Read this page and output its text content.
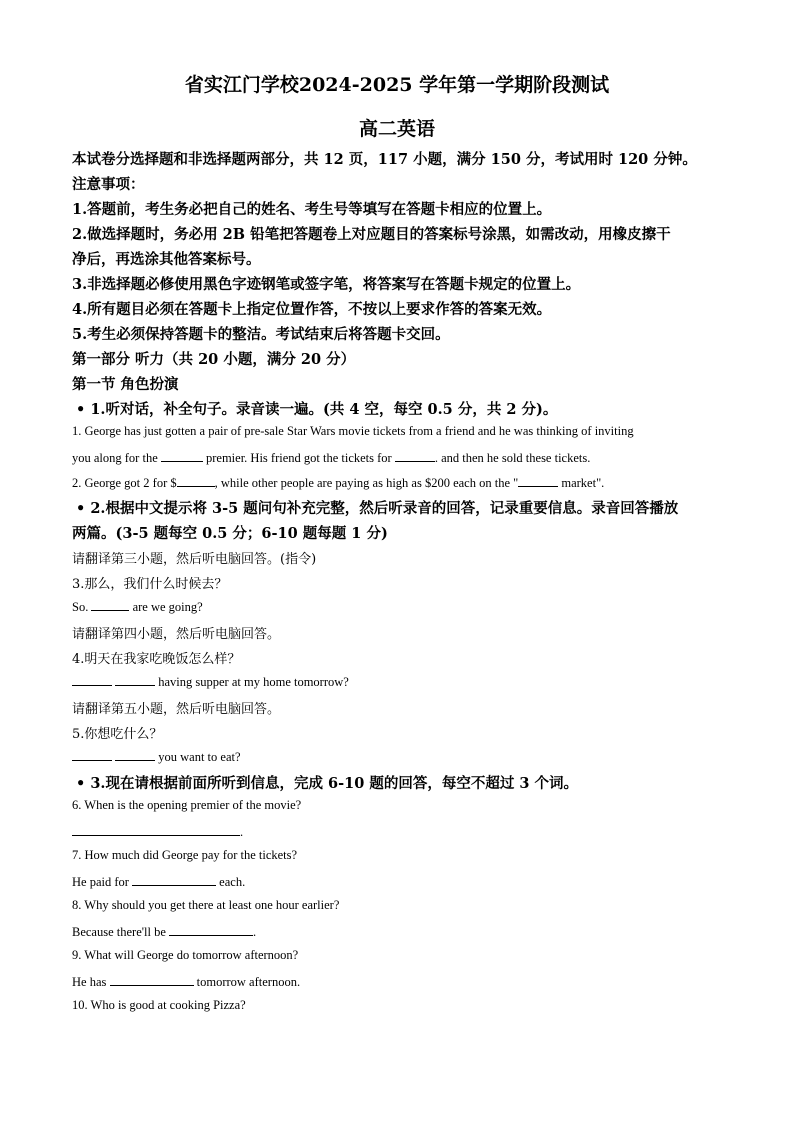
省实江门学校2024-2025 学年第一学期阶段测试
高二英语
本试卷分选择题和非选择题两部分，共 12 页，117 小题，满分 150 分，考试用时 120 分钟。
注意事项：
1.答题前，考生务必把自己的姓名、考生号等填写在答题卡相应的位置上。
2.做选择题时，务必用 2B 铅笔把答题卷上对应题目的答案标号涂黑，如需改动，用橡皮擦干
净后，再选涂其他答案标号。
3.非选择题必修使用黑色字迹钢笔或签字笔，将答案写在答题卡规定的位置上。
4.所有题目必须在答题卡上指定位置作答，不按以上要求作答的答案无效。
5.考生必须保持答题卡的整洁。考试结束后将答题卡交回。
第一部分 听力（共 20 小题，满分 20 分）
第一节 角色扮演
• 1.听对话，补全句子。录音读一遍。(共 4 空，每空 0.5 分，共 2 分)。
1. George has just gotten a pair of pre-sale Star Wars movie tickets from a friend and he was thinking of inviting
you along for the	premier. His friend got the tickets for	. and then he sold these tickets.
2. George got 2 for $	, while other people are paying as high as $200 each on the "	market".
• 2.根据中文提示将 3-5 题问句补充完整，然后听录音的回答，记录重要信息。录音回答播放
两篇。(3-5 题每空 0.5 分；6-10 题每题 1 分)
请翻译第三小题，然后听电脑回答。(指令)
3.那么，我们什么时候去？
So.	are we going?
请翻译第四小题，然后听电脑回答。
4.明天在我家吃晚饭怎么样？
having supper at my home tomorrow?
请翻译第五小题，然后听电脑回答。
5.你想吃什么？
you want to eat?
• 3.现在请根据前面所听到信息，完成 6-10 题的回答，每空不超过 3 个词。
6. When is the opening premier of the movie?
.
7. How much did George pay for the tickets?
He paid for	each.
8. Why should you get there at least one hour earlier?
Because there'll be	.
9. What will George do tomorrow afternoon?
He has	tomorrow afternoon.
10. Who is good at cooking Pizza?
